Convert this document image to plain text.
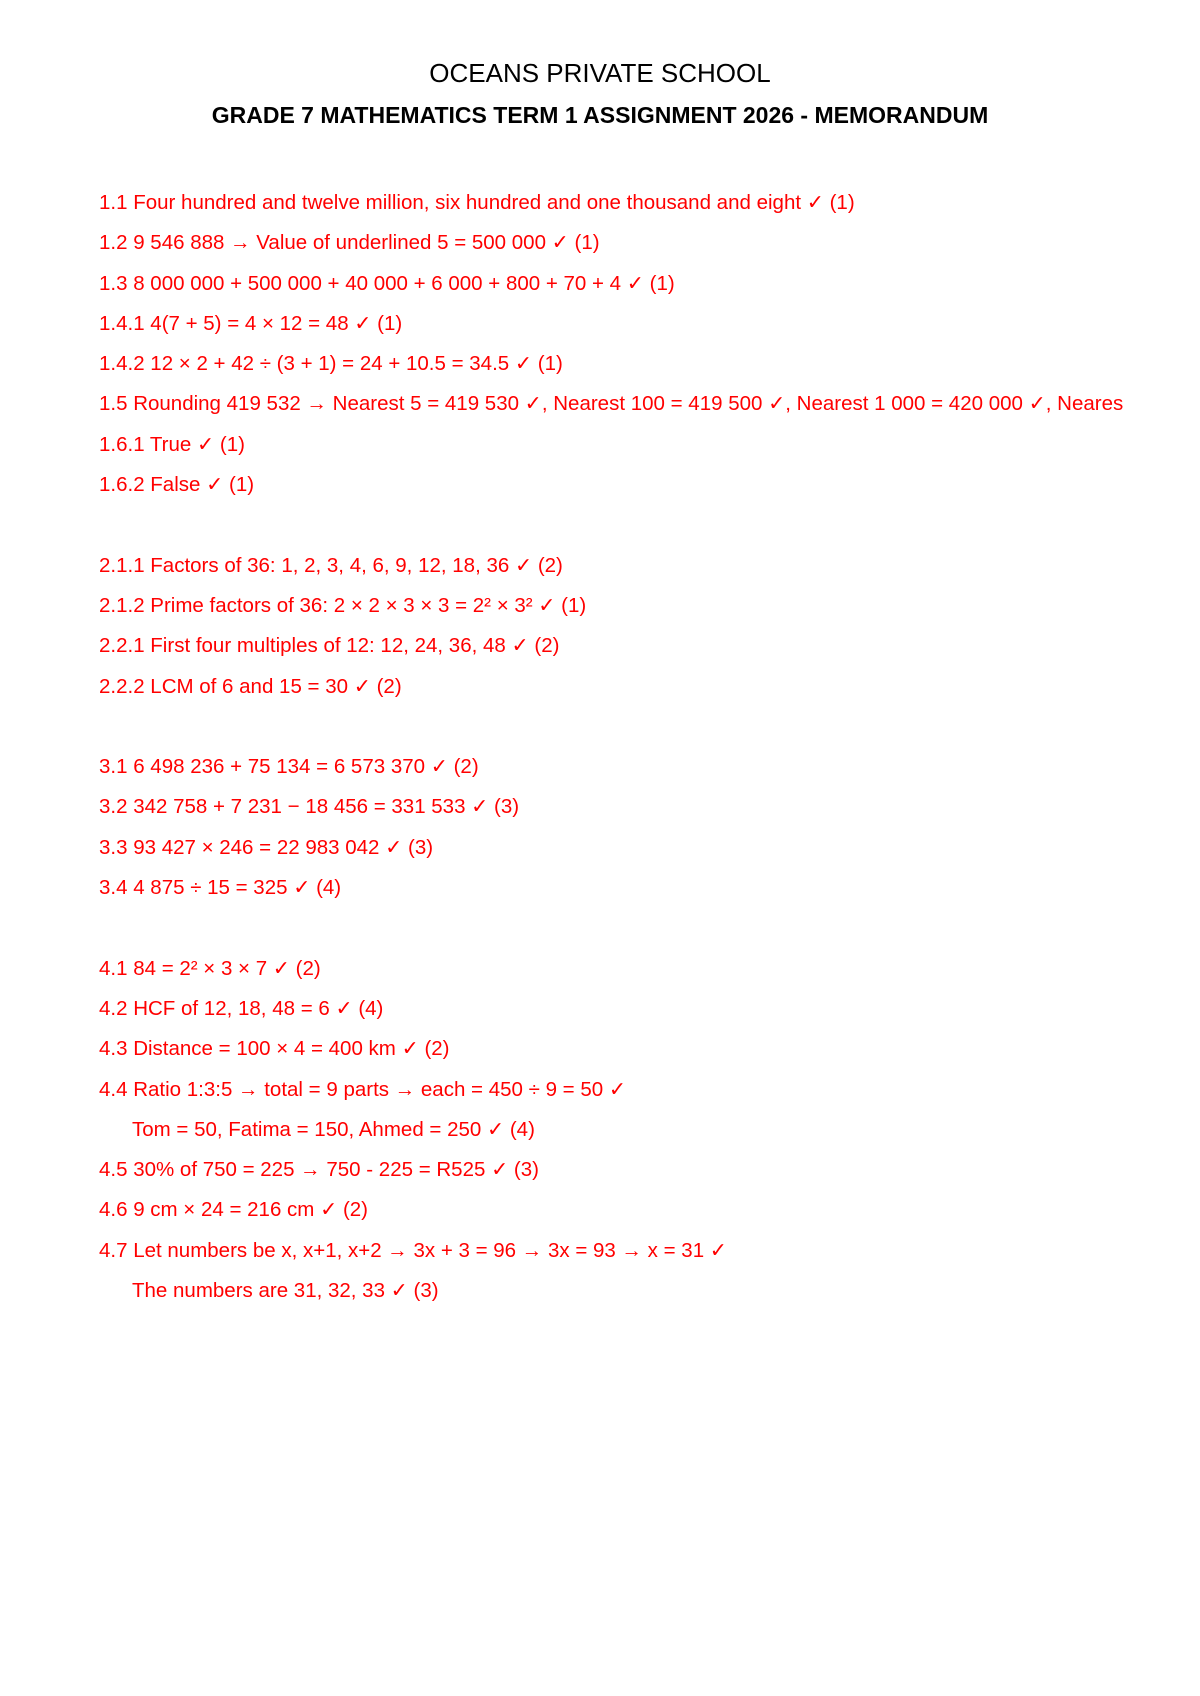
OCEANS PRIVATE SCHOOL
GRADE 7 MATHEMATICS TERM 1 ASSIGNMENT 2026 - MEMORANDUM
1.1 Four hundred and twelve million, six hundred and one thousand and eight ✓ (1)
1.2 9 546 888 → Value of underlined 5 = 500 000 ✓ (1)
1.3 8 000 000 + 500 000 + 40 000 + 6 000 + 800 + 70 + 4 ✓ (1)
1.4.1 4(7 + 5) = 4 × 12 = 48 ✓ (1)
1.4.2 12 × 2 + 42 ÷ (3 + 1) = 24 + 10.5 = 34.5 ✓ (1)
1.5 Rounding 419 532 → Nearest 5 = 419 530 ✓, Nearest 100 = 419 500 ✓, Nearest 1 000 = 420 000 ✓, Neares
1.6.1 True ✓ (1)
1.6.2 False ✓ (1)
2.1.1 Factors of 36: 1, 2, 3, 4, 6, 9, 12, 18, 36 ✓ (2)
2.1.2 Prime factors of 36: 2 × 2 × 3 × 3 = 2² × 3² ✓ (1)
2.2.1 First four multiples of 12: 12, 24, 36, 48 ✓ (2)
2.2.2 LCM of 6 and 15 = 30 ✓ (2)
3.1 6 498 236 + 75 134 = 6 573 370 ✓ (2)
3.2 342 758 + 7 231 − 18 456 = 331 533 ✓ (3)
3.3 93 427 × 246 = 22 983 042 ✓ (3)
3.4 4 875 ÷ 15 = 325 ✓ (4)
4.1 84 = 2² × 3 × 7 ✓ (2)
4.2 HCF of 12, 18, 48 = 6 ✓ (4)
4.3 Distance = 100 × 4 = 400 km ✓ (2)
4.4 Ratio 1:3:5 → total = 9 parts → each = 450 ÷ 9 = 50 ✓
Tom = 50, Fatima = 150, Ahmed = 250 ✓ (4)
4.5 30% of 750 = 225 → 750 - 225 = R525 ✓ (3)
4.6 9 cm × 24 = 216 cm ✓ (2)
4.7 Let numbers be x, x+1, x+2 → 3x + 3 = 96 → 3x = 93 → x = 31 ✓
The numbers are 31, 32, 33 ✓ (3)
